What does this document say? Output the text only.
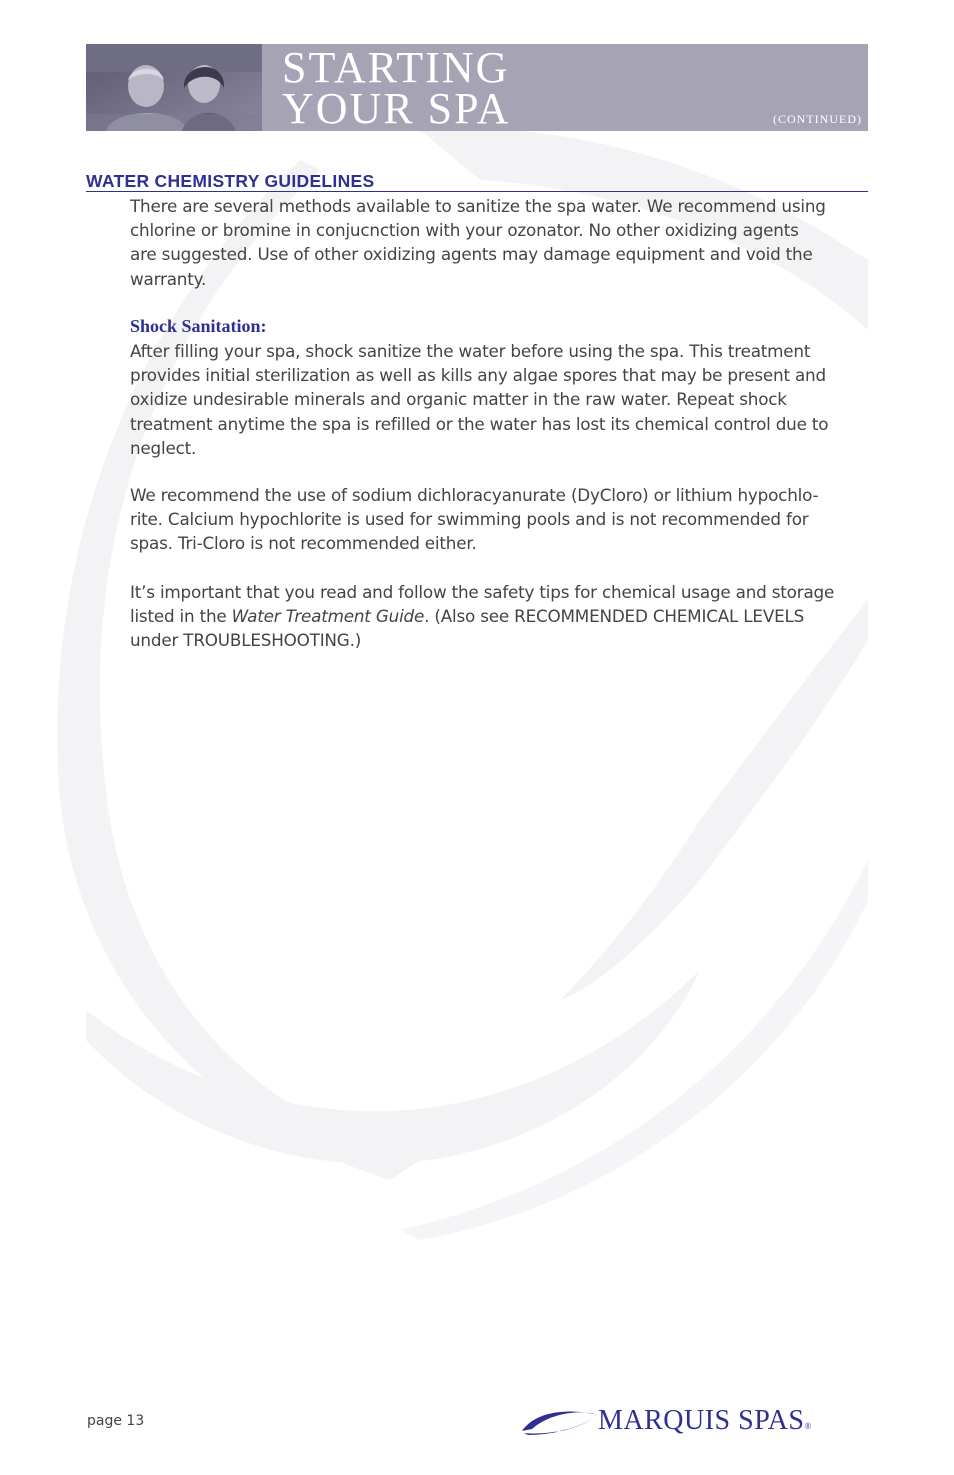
STARTING
YOUR SPA	(CONTINUED)
WATER CHEMISTRY GUIDELINES
There are several methods available to sanitize the spa water. We recommend using
chlorine or bromine in conjucnction with your ozonator. No other oxidizing agents
are suggested. Use of other oxidizing agents may damage equipment and void the
warranty.
Shock Sanitation:
After filling your spa, shock sanitize the water before using the spa. This treatment
provides initial sterilization as well as kills any algae spores that may be present and
oxidize undesirable minerals and organic matter in the raw water. Repeat shock
treatment anytime the spa is refilled or the water has lost its chemical control due to
neglect.
We recommend the use of sodium dichloracyanurate (DyCloro) or lithium hypochlo-
rite. Calcium hypochlorite is used for swimming pools and is not recommended for
spas. Tri-Cloro is not recommended either.
It’s important that you read and follow the safety tips for chemical usage and storage
listed in the Water Treatment Guide. (Also see RECOMMENDED CHEMICAL LEVELS
under TROUBLESHOOTING.)
page 13	mj MARQUIS SPAS®
